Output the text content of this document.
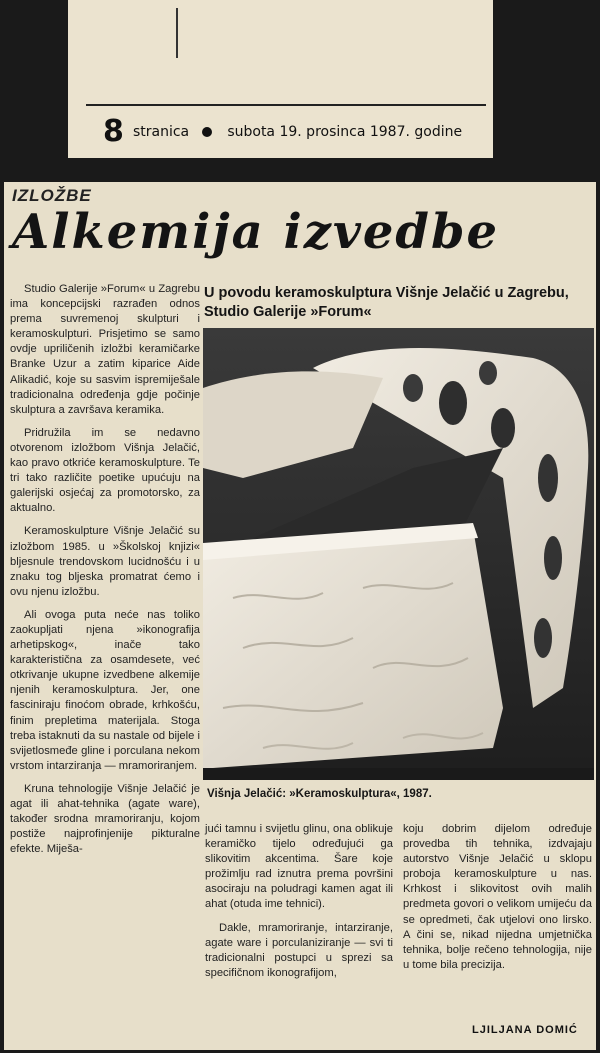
8 stranica	subota 19. prosinca 1987. godine
IZLOŽBE
Alkemija izvedbe

Studio Galerije »Forum« u Zagrebu ima koncepcijski razrađen odnos prema suvremenoj skulpturi i keramoskulpturi. Prisjetimo se samo ovdje upriličenih izložbi keramičarke Branke Uzur a zatim kiparice Aide Alikadić, koje su sasvim ispremiješale tradicionalna određenja gdje počinje skulptura a završava keramika.

Pridružila im se nedavno otvorenom izložbom Višnja Jelačić, kao pravo otkriće keramoskulpture. Te tri tako različite poetike upućuju na galerijski osjećaj za promotorsko, za aktualno.

Keramoskulpture Višnje Jelačić su izložbom 1985. u »Školskoj knjizi« bljesnule trendovskom lucidnošću i u znaku tog bljeska promatrat ćemo i ovu njenu izložbu.

Ali ovoga puta neće nas toliko zaokupljati njena »ikonografija arhetipskog«, inače tako karakteristična za osamdesete, već otkrivanje ukupne izvedbene alkemije njenih keramoskulptura. Jer, one fasciniraju finoćom obrade, krhkošću, finim prepletima materijala. Stoga treba istaknuti da su nastale od bijele i svijetlosmeđe gline i porculana nekom vrstom intarziranja — mramoriranjem.

Kruna tehnologije Višnje Jelačić je agat ili ahat-tehnika (agate ware), također srodna mramoriranju, kojom postiže najprofinjenije pikturalne efekte. Miješa-

U povodu keramoskulptura Višnje Jelačić u Zagrebu, Studio Galerije »Forum«
Višnja Jelačić: »Keramoskulptura«, 1987.

jući tamnu i svijetlu glinu, ona oblikuje keramičko tijelo određujući ga slikovitim akcentima. Šare koje prožimlju rad iznutra prema površini asociraju na poludragi kamen agat ili ahat (otuda ime tehnici).

Dakle, mramoriranje, intarziranje, agate ware i porculaniziranje — svi ti tradicionalni postupci u sprezi sa specifičnom ikonografijom,

koju dobrim dijelom određuje provedba tih tehnika, izdvajaju autorstvo Višnje Jelačić u sklopu proboja keramoskulpture u nas. Krhkost i slikovitost ovih malih predmeta govori o velikom umijeću da se opredmeti, čak utjelovi ono lirsko. A čini se, nikad nijedna umjetnička tehnika, bolje rečeno tehnologija, nije u tome bila precizija.

LJILJANA DOMIĆ
